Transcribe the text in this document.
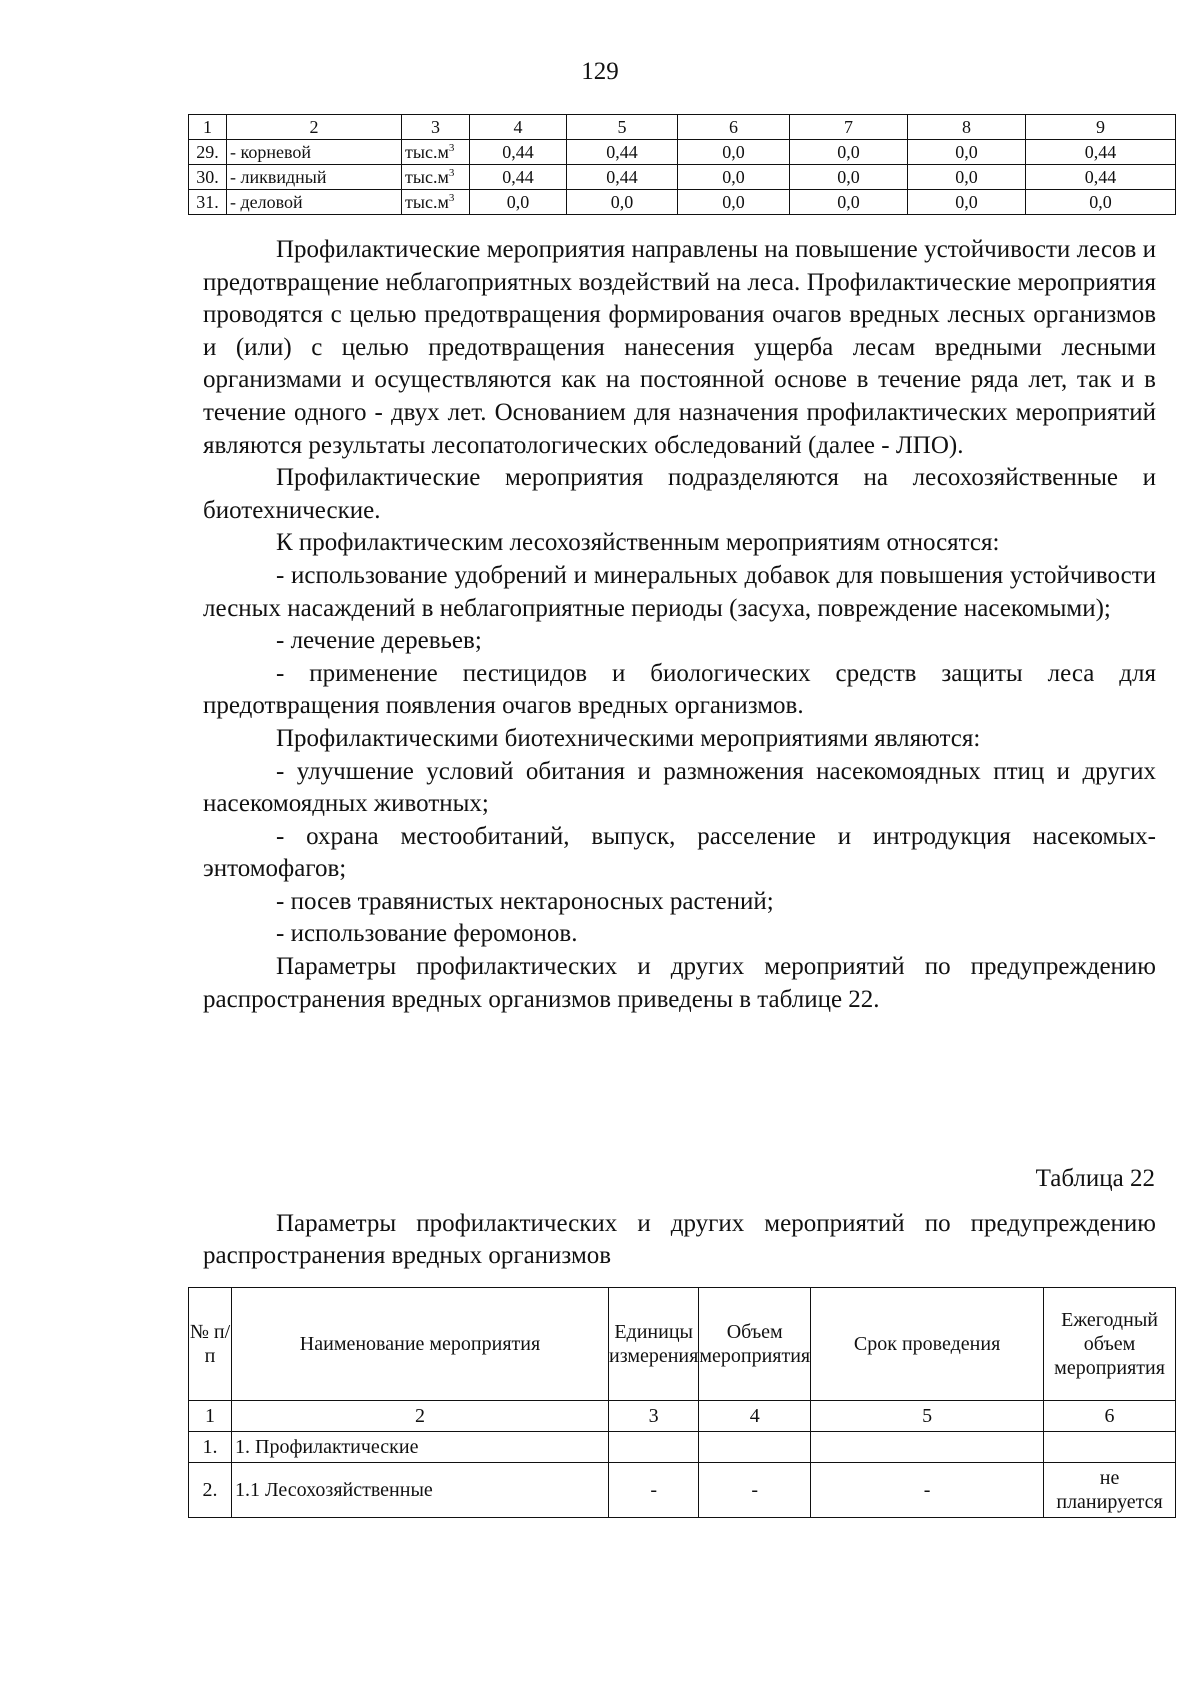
129
1	2	3	4	5	6	7	8	9
29.	- корневой	$тыс.м^3$	0,44	0,44	0,0	0,0	0,0	0,44
30.	- ликвидный	$тыс.м^3$	0,44	0,44	0,0	0,0	0,0	0,44
31.	- деловой	$тыс.м^3$	0,0	0,0	0,0	0,0	0,0	0,0

Профилактические мероприятия направлены на повышение устойчивости лесов и предотвращение неблагоприятных воздействий на леса. Профилактические мероприятия проводятся с целью предотвращения формирования очагов вредных лесных организмов и (или) с целью предотвращения нанесения ущерба лесам вредными лесными организмами и осуществляются как на постоянной основе в течение ряда лет, так и в течение одного - двух лет. Основанием для назначения профилактических мероприятий являются результаты лесопатологических обследований (далее - ЛПО).

Профилактические мероприятия подразделяются на лесохозяйственные и биотехнические.

К профилактическим лесохозяйственным мероприятиям относятся:

- использование удобрений и минеральных добавок для повышения устойчивости лесных насаждений в неблагоприятные периоды (засуха, повреждение насекомыми);

- лечение деревьев;

- применение пестицидов и биологических средств защиты леса для предотвращения появления очагов вредных организмов.

Профилактическими биотехническими мероприятиями являются:

- улучшение условий обитания и размножения насекомоядных птиц и других насекомоядных животных;

- охрана местообитаний, выпуск, расселение и интродукция насекомых-энтомофагов;

- посев травянистых нектароносных растений;

- использование феромонов.

Параметры профилактических и других мероприятий по предупреждению распространения вредных организмов приведены в таблице 22.

Таблица 22

Параметры профилактических и других мероприятий по предупреждению распространения вредных организмов

№ п/п	Наименование мероприятия	Единицы измерения	Объем мероприятия	Срок проведения	Ежегодный объем мероприятия
1	2	3	4	5	6
1.	1. Профилактические				
2.	1.1 Лесохозяйственные	-	-	-	не планируется
